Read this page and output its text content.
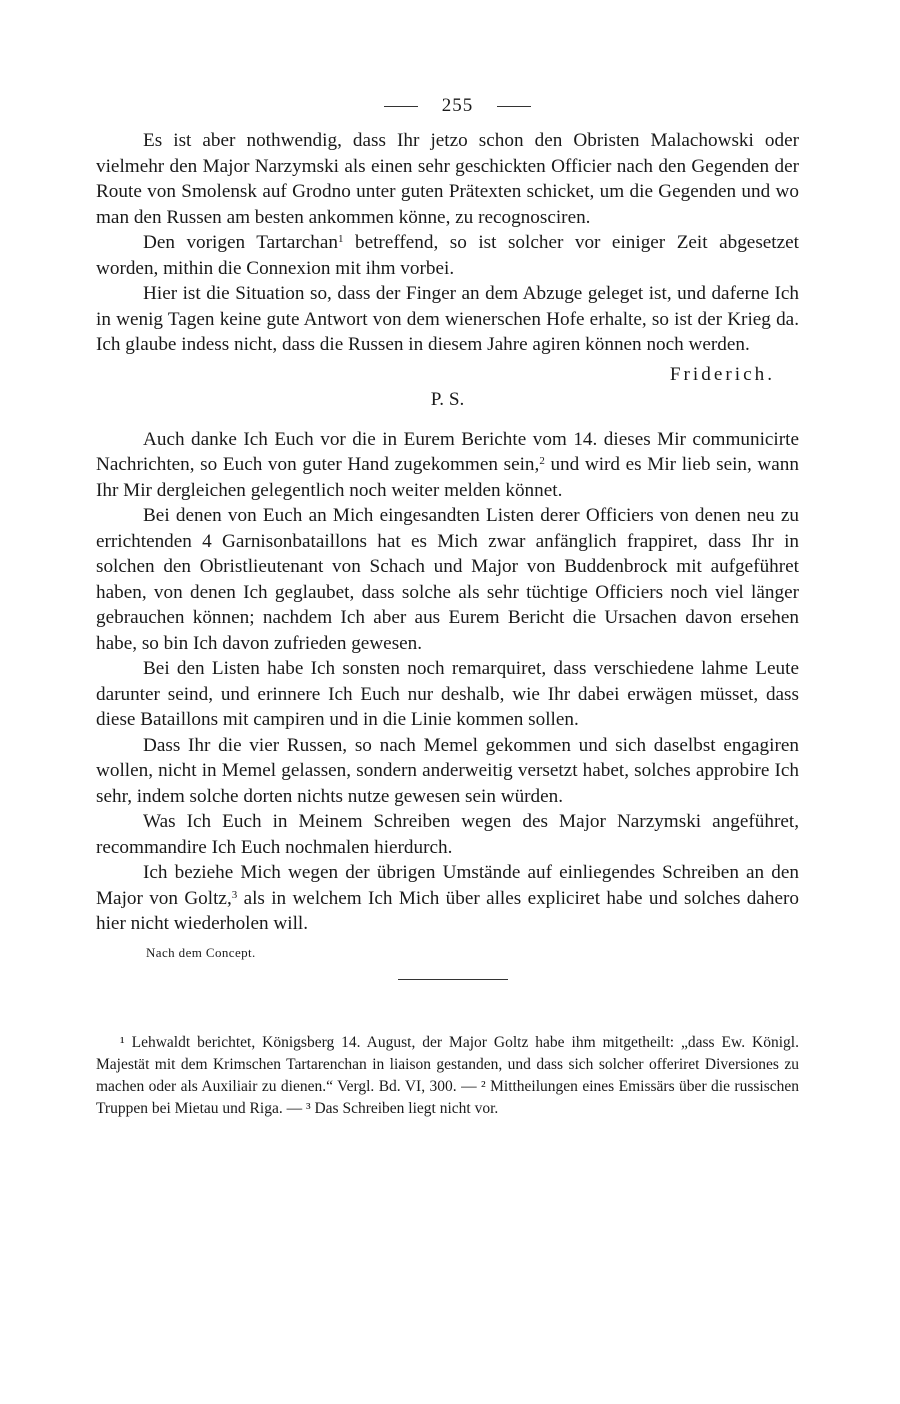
255

Es ist aber nothwendig, dass Ihr jetzo schon den Obristen Malachowski oder vielmehr den Major Narzymski als einen sehr geschickten Officier nach den Gegenden der Route von Smolensk auf Grodno unter guten Prätexten schicket, um die Gegenden und wo man den Russen am besten ankommen könne, zu recognosciren.

Den vorigen Tartarchan$^1$ betreffend, so ist solcher vor einiger Zeit abgesetzet worden, mithin die Connexion mit ihm vorbei.

Hier ist die Situation so, dass der Finger an dem Abzuge geleget ist, und daferne Ich in wenig Tagen keine gute Antwort von dem wienerschen Hofe erhalte, so ist der Krieg da. Ich glaube indess nicht, dass die Russen in diesem Jahre agiren können noch werden.

Friderich.
P. S.

Auch danke Ich Euch vor die in Eurem Berichte vom 14. dieses Mir communicirte Nachrichten, so Euch von guter Hand zugekommen sein,$^2$ und wird es Mir lieb sein, wann Ihr Mir dergleichen gelegentlich noch weiter melden könnet.

Bei denen von Euch an Mich eingesandten Listen derer Officiers von denen neu zu errichtenden 4 Garnisonbataillons hat es Mich zwar anfänglich frappiret, dass Ihr in solchen den Obristlieutenant von Schach und Major von Buddenbrock mit aufgeführet haben, von denen Ich geglaubet, dass solche als sehr tüchtige Officiers noch viel länger gebrauchen können; nachdem Ich aber aus Eurem Bericht die Ursachen davon ersehen habe, so bin Ich davon zufrieden gewesen.

Bei den Listen habe Ich sonsten noch remarquiret, dass verschiedene lahme Leute darunter seind, und erinnere Ich Euch nur deshalb, wie Ihr dabei erwägen müsset, dass diese Bataillons mit campiren und in die Linie kommen sollen.

Dass Ihr die vier Russen, so nach Memel gekommen und sich daselbst engagiren wollen, nicht in Memel gelassen, sondern anderweitig versetzt habet, solches approbire Ich sehr, indem solche dorten nichts nutze gewesen sein würden.

Was Ich Euch in Meinem Schreiben wegen des Major Narzymski angeführet, recommandire Ich Euch nochmalen hierdurch.

Ich beziehe Mich wegen der übrigen Umstände auf einliegendes Schreiben an den Major von Goltz,$^3$ als in welchem Ich Mich über alles expliciret habe und solches dahero hier nicht wiederholen will.

Nach dem Concept.
¹ Lehwaldt berichtet, Königsberg 14. August, der Major Goltz habe ihm mitgetheilt: „dass Ew. Königl. Majestät mit dem Krimschen Tartarenchan in liaison gestanden, und dass sich solcher offeriret Diversiones zu machen oder als Auxiliair zu dienen.“ Vergl. Bd. VI, 300. — ² Mittheilungen eines Emissärs über die russischen Truppen bei Mietau und Riga. — ³ Das Schreiben liegt nicht vor.
